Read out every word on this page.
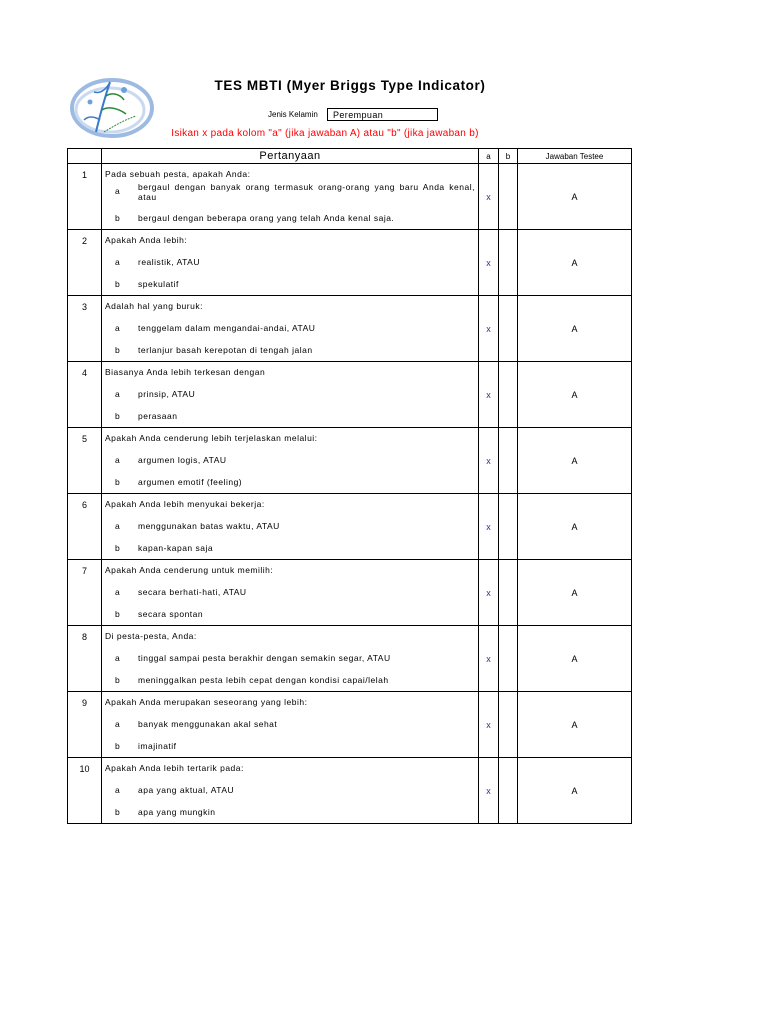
TES MBTI (Myer Briggs Type Indicator)
Jenis Kelamin	Perempuan
Isikan x pada kolom "a" (jika jawaban A) atau "b" (jika jawaban b)
	Pertanyaan	a	b	Jawaban Testee
1	Pada sebuah pesta, apakah Anda:
a bergaul dengan banyak orang termasuk orang-orang yang baru Anda kenal, atau
b bergaul dengan beberapa orang yang telah Anda kenal saja.	x		A
2	Apakah Anda lebih:
a realistik, ATAU
b spekulatif	x		A
3	Adalah hal yang buruk:
a tenggelam dalam mengandai-andai, ATAU
b terlanjur basah kerepotan di tengah jalan	x		A
4	Biasanya Anda lebih terkesan dengan
a prinsip, ATAU
b perasaan	x		A
5	Apakah Anda cenderung lebih terjelaskan melalui:
a argumen logis, ATAU
b argumen emotif (feeling)	x		A
6	Apakah Anda lebih menyukai bekerja:
a menggunakan batas waktu, ATAU
b kapan-kapan saja	x		A
7	Apakah Anda cenderung untuk memilih:
a secara berhati-hati, ATAU
b secara spontan	x		A
8	Di pesta-pesta, Anda:
a tinggal sampai pesta berakhir dengan semakin segar, ATAU
b meninggalkan pesta lebih cepat dengan kondisi capai/lelah	x		A
9	Apakah Anda merupakan seseorang yang lebih:
a banyak menggunakan akal sehat
b imajinatif	x		A
10	Apakah Anda lebih tertarik pada:
a apa yang aktual, ATAU
b apa yang mungkin	x		A
